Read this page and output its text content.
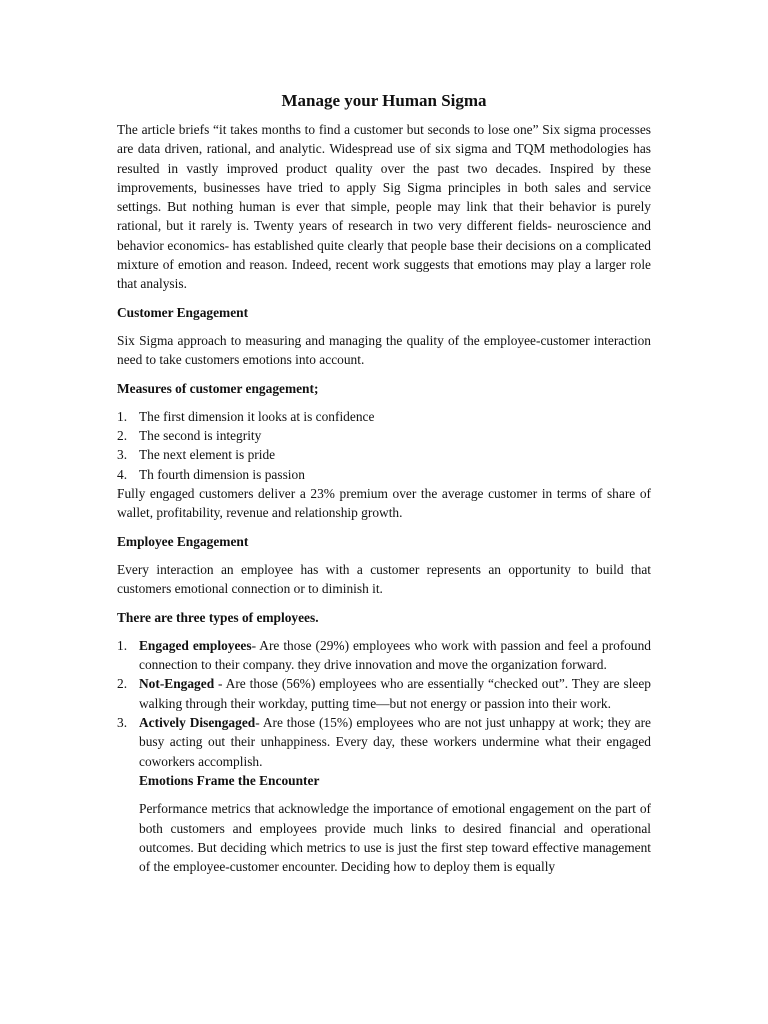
Manage your Human Sigma

The article briefs “it takes months to find a customer but seconds to lose one” Six sigma processes are data driven, rational, and analytic. Widespread use of six sigma and TQM methodologies has resulted in vastly improved product quality over the past two decades. Inspired by these improvements, businesses have tried to apply Sig Sigma principles in both sales and service settings. But nothing human is ever that simple, people may link that their behavior is purely rational, but it rarely is. Twenty years of research in two very different fields- neuroscience and behavior economics- has established quite clearly that people base their decisions on a complicated mixture of emotion and reason. Indeed, recent work suggests that emotions may play a larger role that analysis.

Customer Engagement

Six Sigma approach to measuring and managing the quality of the employee-customer interaction need to take customers emotions into account.

Measures of customer engagement;
1. The first dimension it looks at is confidence
2. The second is integrity
3. The next element is pride
4. Th fourth dimension is passion

Fully engaged customers deliver a 23% premium over the average customer in terms of share of wallet, profitability, revenue and relationship growth.

Employee Engagement

Every interaction an employee has with a customer represents an opportunity to build that customers emotional connection or to diminish it.

There are three types of employees.
1. Engaged employees- Are those (29%) employees who work with passion and feel a profound connection to their company. they drive innovation and move the organization forward.
2. Not-Engaged - Are those (56%) employees who are essentially “checked out”. They are sleep walking through their workday, putting time—but not energy or passion into their work.
3. Actively Disengaged- Are those (15%) employees who are not just unhappy at work; they are busy acting out their unhappiness. Every day, these workers undermine what their engaged coworkers accomplish.
Emotions Frame the Encounter

Performance metrics that acknowledge the importance of emotional engagement on the part of both customers and employees provide much links to desired financial and operational outcomes. But deciding which metrics to use is just the first step toward effective management of the employee-customer encounter. Deciding how to deploy them is equally
